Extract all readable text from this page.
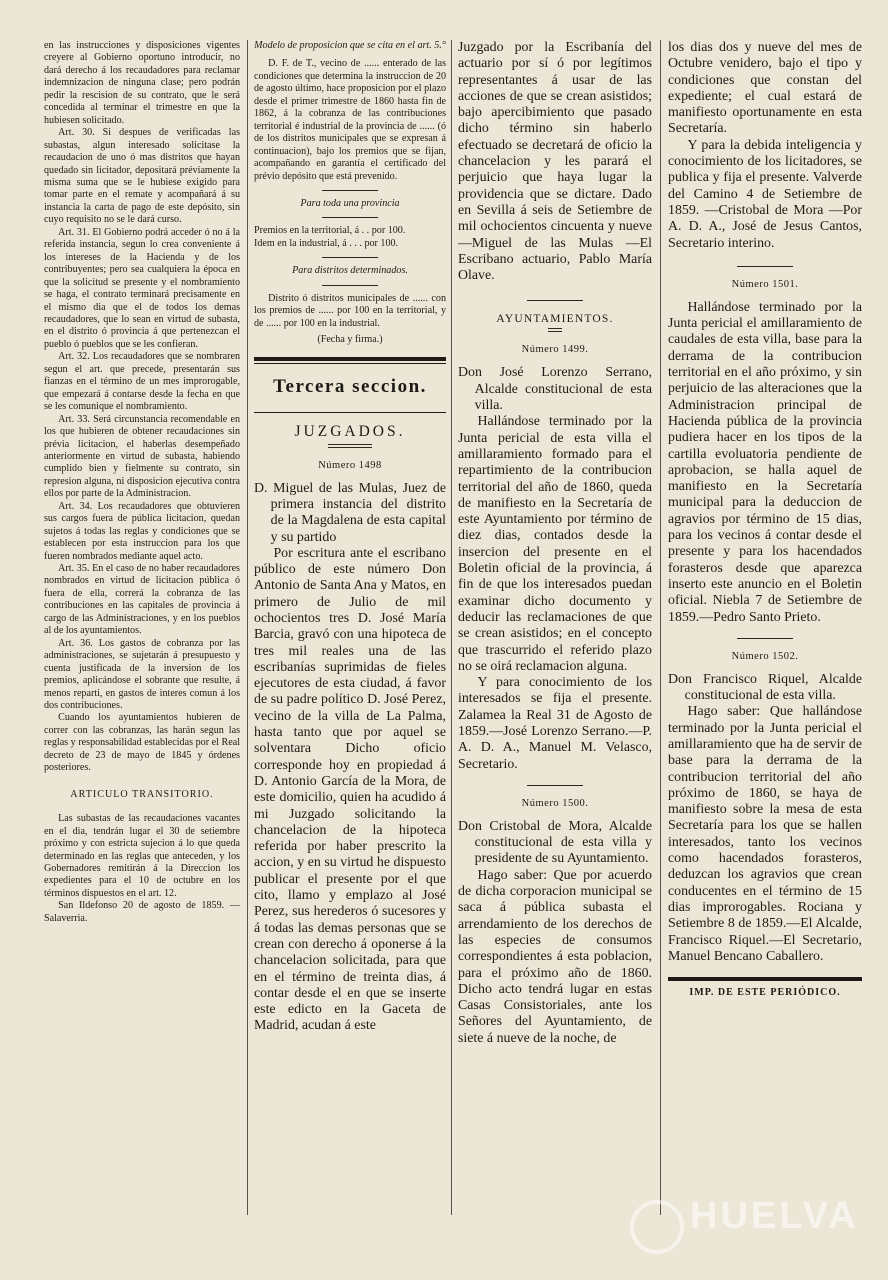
en las instrucciones y disposiciones vigentes creyere al Gobierno oportuno introducir, no dará derecho á los recaudadores para reclamar indemnizacion de ninguna clase; pero podrán pedir la rescision de su contrato, que le será concedida al terminar el trimestre en que la hubiesen solicitado.

Art. 30. Si despues de verificadas las subastas, algun interesado solicitase la recaudacion de uno ó mas distritos que hayan quedado sin licitador, depositará préviamente la misma suma que se le hubiese exigido para tomar parte en el remate y acompañará á su instancia la carta de pago de este depósito, sin cuyo requisito no se le dará curso.

Art. 31. El Gobierno podrá acceder ó no á la referida instancia, segun lo crea conveniente á los intereses de la Hacienda y de los contribuyentes; pero sea cualquiera la época en que la solicitud se presente y el nombramiento se haga, el contrato terminará precisamente en el mismo dia que el de todos los demas recaudadores, que lo sean en virtud de subasta, en el distrito ó provincia á que pertenezcan el pueblo ó pueblos que se les confieran.

Art. 32. Los recaudadores que se nombraren segun el art. que precede, presentarán sus fianzas en el término de un mes improrogable, que empezará á contarse desde la fecha en que se les comunique el nombramiento.

Art. 33. Será circunstancia recomendable en los que hubieren de obtener recaudaciones sin prévia licitacion, el haberlas desempeñado anteriormente en virtud de subasta, habiendo cumplido bien y fielmente su contrato, sin represion alguna, ni disposicion ejecutiva contra ellos por parte de la Administracion.

Art. 34. Los recaudadores que obtuvieren sus cargos fuera de pública licitacion, quedan sujetos á todas las reglas y condiciones que se establecen por esta instruccion para los que fueren nombrados mediante aquel acto.

Art. 35. En el caso de no haber recaudadores nombrados en virtud de licitacion pública ó fuera de ella, correrá la cobranza de las contribuciones en las capitales de provincia á cargo de las Administraciones, y en los pueblos al de los ayuntamientos.

Art. 36. Los gastos de cobranza por las administraciones, se sujetarán á presupuesto y cuenta justificada de la inversion de los premios, aplicándose el sobrante que resulte, á menos reparti, en gastos de interes comun á los dos contribuciones.

Cuando los ayuntamientos hubieren de correr con las cobranzas, las harán segun las reglas y responsabilidad establecidas por el Real decreto de 23 de mayo de 1845 y órdenes posteriores.

ARTICULO TRANSITORIO.

Las subastas de las recaudaciones vacantes en el dia, tendrán lugar el 30 de setiembre próximo y con estricta sujecion á lo que queda determinado en las reglas que anteceden, y los Gobernadores remitirán á la Direccion los expedientes para el 10 de octubre en los términos dispuestos en el art. 12.

San Ildefonso 20 de agosto de 1859. —Salaverria.

Modelo de proposicion que se cita en el art. 5.°

D. F. de T., vecino de ...... enterado de las condiciones que determina la instruccion de 20 de agosto último, hace proposicion por el plazo desde el primer trimestre de 1860 hasta fin de 1862, á la cobranza de las contribuciones territorial é industrial de la provincia de ...... (ó de los distritos municipales que se expresan á continuacion), bajo los premios que se fijan, acompañando en garantía el certificado del prévio depósito que está prevenido.

Para toda una provincia

Premios en la territorial, á . . por 100.

Idem en la industrial, á . . . por 100.

Para distritos determinados.

Distrito ó distritos municipales de ...... con los premios de ...... por 100 en la territorial, y de ...... por 100 en la industrial.

(Fecha y firma.)

Tercera seccion.
JUZGADOS.
Número 1498

D. Miguel de las Mulas, Juez de primera instancia del distrito de la Magdalena de esta capital y su partido

Por escritura ante el escribano público de este número Don Antonio de Santa Ana y Matos, en primero de Julio de mil ochocientos tres D. José María Barcia, gravó con una hipoteca de tres mil reales una de las escribanías suprimidas de fieles ejecutores de esta ciudad, á favor de su padre político D. José Perez, vecino de la villa de La Palma, hasta tanto que por aquel se solventara Dicho oficio corresponde hoy en propiedad á D. Antonio García de la Mora, de este domicilio, quien ha acudido á mi Juzgado solicitando la chancelacion de la hipoteca referida por haber prescrito la accion, y en su virtud he dispuesto publicar el presente por el que cito, llamo y emplazo al José Perez, sus herederos ó sucesores y á todas las demas personas que se crean con derecho á oponerse á la chancelacion solicitada, para que en el término de treinta dias, á contar desde el en que se inserte este edicto en la Gaceta de Madrid, acudan á este

Juzgado por la Escribanía del actuario por sí ó por legítimos representantes á usar de las acciones de que se crean asistidos; bajo apercibimiento que pasado dicho término sin haberlo efectuado se decretará de oficio la chancelacion y les parará el perjuicio que haya lugar la providencia que se dictare. Dado en Sevilla á seis de Setiembre de mil ochocientos cincuenta y nueve —Miguel de las Mulas —El Escribano actuario, Pablo María Olave.

AYUNTAMIENTOS.
Número 1499.

Don José Lorenzo Serrano, Alcalde constitucional de esta villa.

Hallándose terminado por la Junta pericial de esta villa el amillaramiento formado para el repartimiento de la contribucion territorial del año de 1860, queda de manifiesto en la Secretaría de este Ayuntamiento por término de diez dias, contados desde la insercion del presente en el Boletin oficial de la provincia, á fin de que los interesados puedan examinar dicho documento y deducir las reclamaciones de que se crean asistidos; en el concepto que trascurrido el referido plazo no se oirá reclamacion alguna.

Y para conocimiento de los interesados se fija el presente. Zalamea la Real 31 de Agosto de 1859.—José Lorenzo Serrano.—P. A. D. A., Manuel M. Velasco, Secretario.

Número 1500.

Don Cristobal de Mora, Alcalde constitucional de esta villa y presidente de su Ayuntamiento.

Hago saber: Que por acuerdo de dicha corporacion municipal se saca á pública subasta el arrendamiento de los derechos de las especies de consumos correspondientes á esta poblacion, para el próximo año de 1860. Dicho acto tendrá lugar en estas Casas Consistoriales, ante los Señores del Ayuntamiento, de siete á nueve de la noche, de

los dias dos y nueve del mes de Octubre venidero, bajo el tipo y condiciones que constan del expediente; el cual estará de manifiesto oportunamente en esta Secretaría.

Y para la debida inteligencia y conocimiento de los licitadores, se publica y fija el presente. Valverde del Camino 4 de Setiembre de 1859. —Cristobal de Mora —Por A. D. A., José de Jesus Cantos, Secretario interino.

Número 1501.

Hallándose terminado por la Junta pericial el amillaramiento de caudales de esta villa, base para la derrama de la contribucion territorial en el año próximo, y sin perjuicio de las alteraciones que la Administracion principal de Hacienda pública de la provincia pudiera hacer en los tipos de la cartilla evoluatoria pendiente de aprobacion, se halla aquel de manifiesto en la Secretaría municipal para la deduccion de agravios por término de 15 dias, para los vecinos á contar desde el presente y para los hacendados forasteros desde que aparezca inserto este anuncio en el Boletin oficial. Niebla 7 de Setiembre de 1859.—Pedro Santo Prieto.

Número 1502.

Don Francisco Riquel, Alcalde constitucional de esta villa.

Hago saber: Que hallándose terminado por la Junta pericial el amillaramiento que ha de servir de base para la derrama de la contribucion territorial del año próximo de 1860, se haya de manifiesto sobre la mesa de esta Secretaría para los que se hallen interesados, tanto los vecinos como hacendados forasteros, deduzcan los agravios que crean conducentes en el término de 15 dias improrogables. Rociana y Setiembre 8 de 1859.—El Alcalde, Francisco Riquel.—El Secretario, Manuel Bencano Caballero.

IMP. DE ESTE PERIÓDICO.
HUELVA
